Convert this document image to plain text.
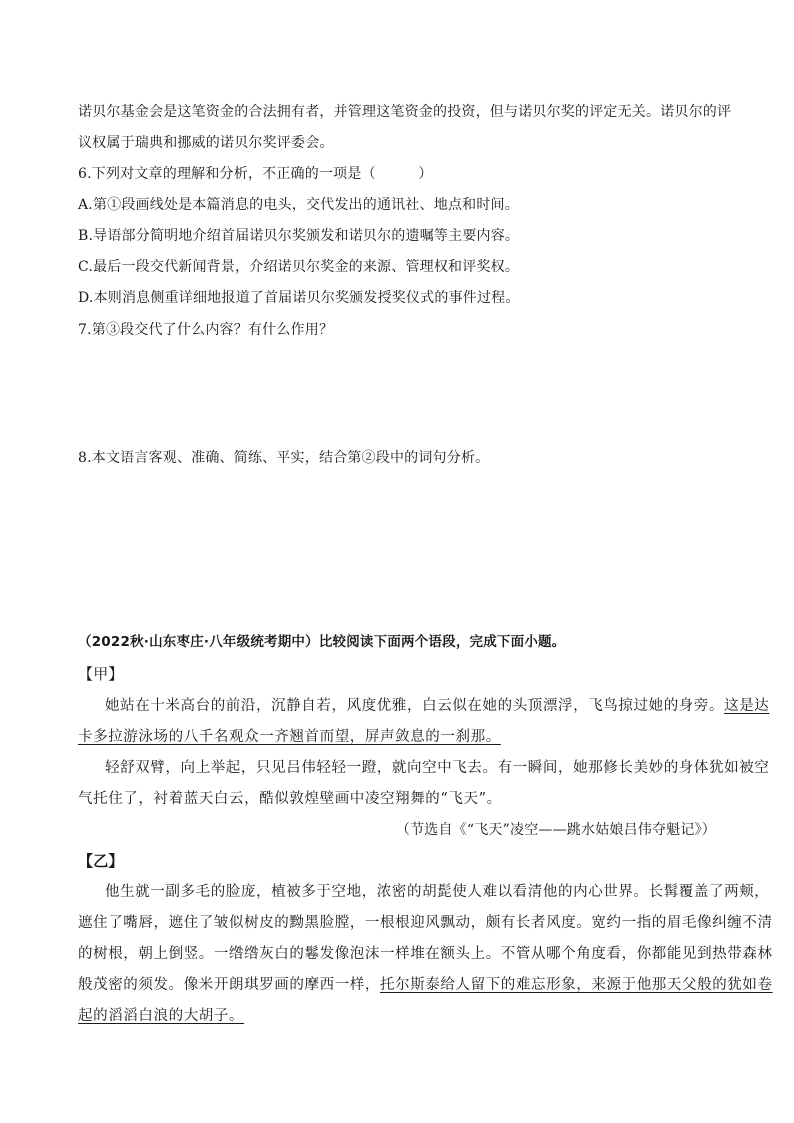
诺贝尔基金会是这笔资金的合法拥有者，并管理这笔资金的投资，但与诺贝尔奖的评定无关。诺贝尔的评
议权属于瑞典和挪威的诺贝尔奖评委会。
6.下列对文章的理解和分析，不正确的一项是（　　　）
A.第①段画线处是本篇消息的电头，交代发出的通讯社、地点和时间。
B.导语部分简明地介绍首届诺贝尔奖颁发和诺贝尔的遗嘱等主要内容。
C.最后一段交代新闻背景，介绍诺贝尔奖金的来源、管理权和评奖权。
D.本则消息侧重详细地报道了首届诺贝尔奖颁发授奖仪式的事件过程。
7.第③段交代了什么内容？有什么作用？
8.本文语言客观、准确、简练、平实，结合第②段中的词句分析。
（2022秋·山东枣庄·八年级统考期中）比较阅读下面两个语段，完成下面小题。
【甲】
她站在十米高台的前沿，沉静自若，风度优雅，白云似在她的头顶漂浮，飞鸟掠过她的身旁。这是达
卡多拉游泳场的八千名观众一齐翘首而望，屏声敛息的一刹那。
轻舒双臂，向上举起，只见吕伟轻轻一蹬，就向空中飞去。有一瞬间，她那修长美妙的身体犹如被空
气托住了，衬着蓝天白云，酷似敦煌壁画中凌空翔舞的“飞天”。
（节选自《“飞天”凌空——跳水姑娘吕伟夺魁记》）
【乙】
他生就一副多毛的脸庞，植被多于空地，浓密的胡髭使人难以看清他的内心世界。长髯覆盖了两颊，
遮住了嘴唇，遮住了皱似树皮的黝黑脸膛，一根根迎风飘动，颇有长者风度。宽约一指的眉毛像纠缠不清
的树根，朝上倒竖。一绺绺灰白的鬈发像泡沫一样堆在额头上。不管从哪个角度看，你都能见到热带森林
般茂密的须发。像米开朗琪罗画的摩西一样，托尔斯泰给人留下的难忘形象，来源于他那天父般的犹如卷
起的滔滔白浪的大胡子。
